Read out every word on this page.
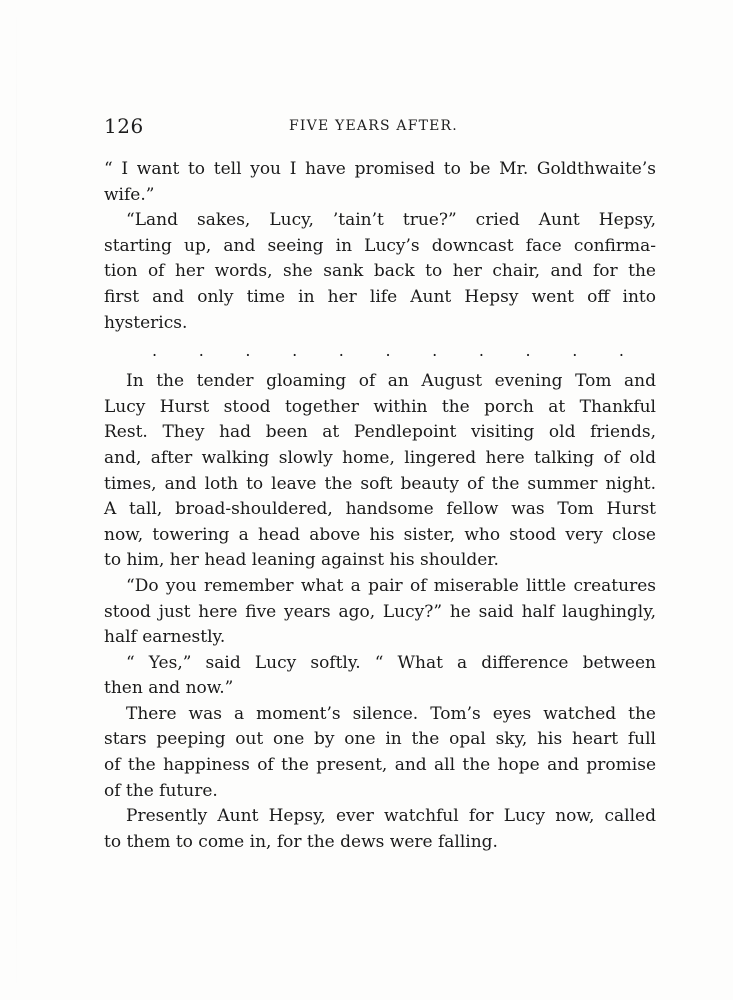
126	FIVE YEARS AFTER.

“ I want to tell you I have promised to be Mr. Goldthwaite’s
wife.”

“Land sakes, Lucy, ’tain’t true?” cried Aunt Hepsy,
starting up, and seeing in Lucy’s downcast face confirma-
tion of her words, she sank back to her chair, and for the
first and only time in her life Aunt Hepsy went off into
hysterics.

.	.	.	.	.	.	.	.	.	.	.

In the tender gloaming of an August evening Tom and
Lucy Hurst stood together within the porch at Thankful
Rest. They had been at Pendlepoint visiting old friends,
and, after walking slowly home, lingered here talking of old
times, and loth to leave the soft beauty of the summer night.
A tall, broad-shouldered, handsome fellow was Tom Hurst
now, towering a head above his sister, who stood very close
to him, her head leaning against his shoulder.

“Do you remember what a pair of miserable little creatures
stood just here five years ago, Lucy?” he said half laughingly,
half earnestly.

“ Yes,” said Lucy softly. “ What a difference between
then and now.”

There was a moment’s silence. Tom’s eyes watched the
stars peeping out one by one in the opal sky, his heart full
of the happiness of the present, and all the hope and promise
of the future.

Presently Aunt Hepsy, ever watchful for Lucy now, called
to them to come in, for the dews were falling.
